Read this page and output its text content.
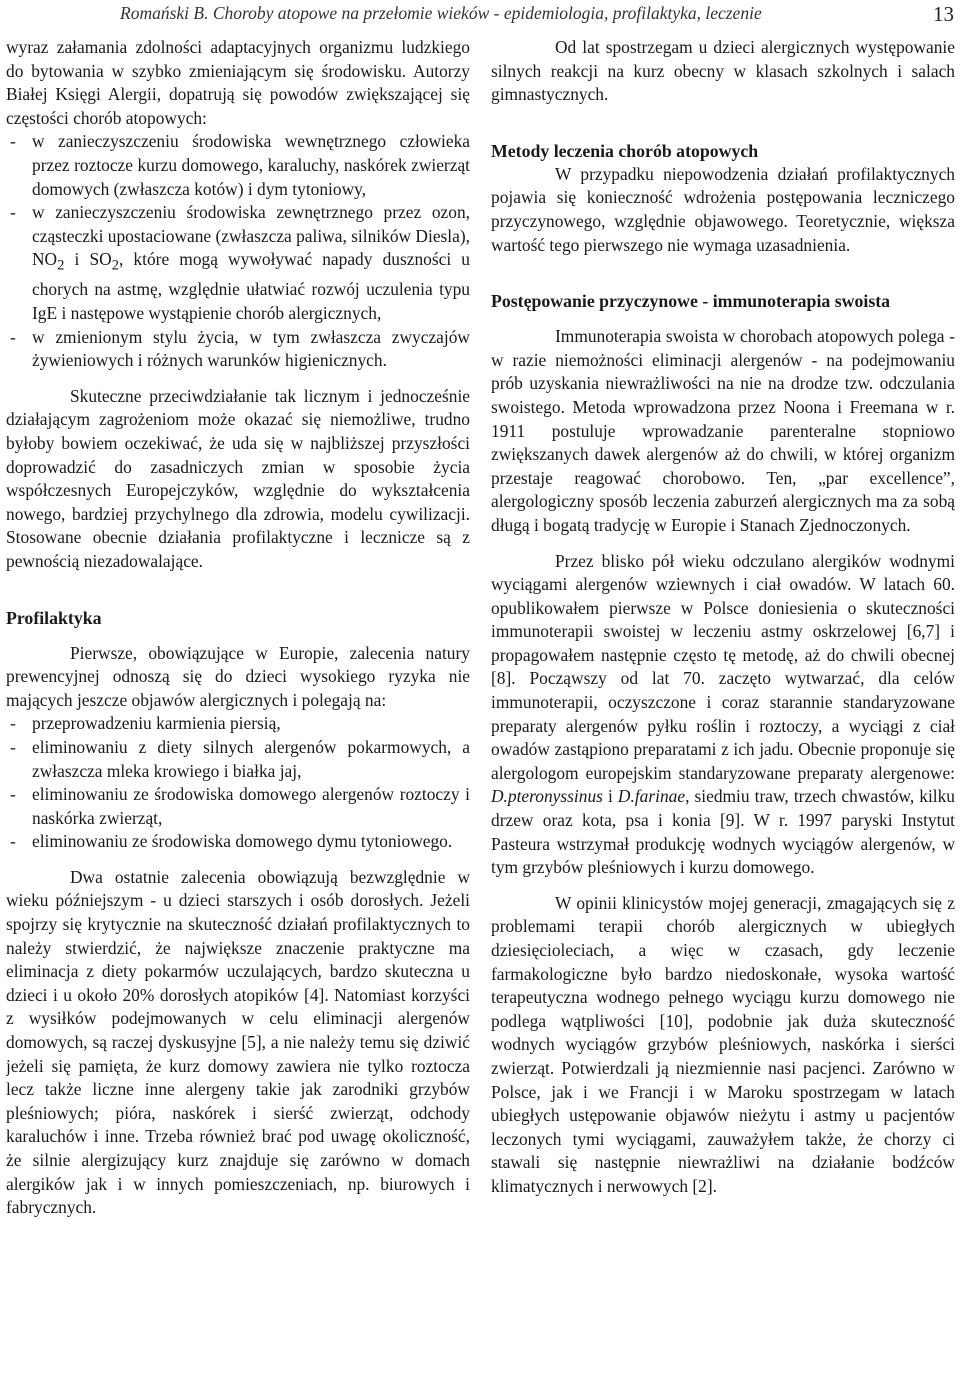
Romański B. Choroby atopowe na przełomie wieków - epidemiologia, profilaktyka, leczenie	13

wyraz załamania zdolności adaptacyjnych organizmu ludzkiego do bytowania w szybko zmieniającym się środowisku. Autorzy Białej Księgi Alergii, dopatrują się powodów zwiększającej się częstości chorób atopowych:

- w zanieczyszczeniu środowiska wewnętrznego człowieka przez roztocze kurzu domowego, karaluchy, naskórek zwierząt domowych (zwłaszcza kotów) i dym tytoniowy,
- w zanieczyszczeniu środowiska zewnętrznego przez ozon, cząsteczki upostaciowane (zwłaszcza paliwa, silników Diesla), $NO_2$ i $SO_2$, które mogą wywoływać napady duszności u chorych na astmę, względnie ułatwiać rozwój uczulenia typu IgE i następowe wystąpienie chorób alergicznych,
- w zmienionym stylu życia, w tym zwłaszcza zwyczajów żywieniowych i różnych warunków higienicznych.

Skuteczne przeciwdziałanie tak licznym i jednocześnie działającym zagrożeniom może okazać się niemożliwe, trudno byłoby bowiem oczekiwać, że uda się w najbliższej przyszłości doprowadzić do zasadniczych zmian w sposobie życia współczesnych Europejczyków, względnie do wykształcenia nowego, bardziej przychylnego dla zdrowia, modelu cywilizacji. Stosowane obecnie działania profilaktyczne i lecznicze są z pewnością niezadowalające.

Profilaktyka

Pierwsze, obowiązujące w Europie, zalecenia natury prewencyjnej odnoszą się do dzieci wysokiego ryzyka nie mających jeszcze objawów alergicznych i polegają na:

- przeprowadzeniu karmienia piersią,
- eliminowaniu z diety silnych alergenów pokarmowych, a zwłaszcza mleka krowiego i białka jaj,
- eliminowaniu ze środowiska domowego alergenów roztoczy i naskórka zwierząt,
- eliminowaniu ze środowiska domowego dymu tytoniowego.

Dwa ostatnie zalecenia obowiązują bezwzględnie w wieku późniejszym - u dzieci starszych i osób dorosłych. Jeżeli spojrzy się krytycznie na skuteczność działań profilaktycznych to należy stwierdzić, że największe znaczenie praktyczne ma eliminacja z diety pokarmów uczulających, bardzo skuteczna u dzieci i u około 20% dorosłych atopików [4]. Natomiast korzyści z wysiłków podejmowanych w celu eliminacji alergenów domowych, są raczej dyskusyjne [5], a nie należy temu się dziwić jeżeli się pamięta, że kurz domowy zawiera nie tylko roztocza lecz także liczne inne alergeny takie jak zarodniki grzybów pleśniowych; pióra, naskórek i sierść zwierząt, odchody karaluchów i inne. Trzeba również brać pod uwagę okoliczność, że silnie alergizujący kurz znajduje się zarówno w domach alergików jak i w innych pomieszczeniach, np. biurowych i fabrycznych.

Od lat spostrzegam u dzieci alergicznych występowanie silnych reakcji na kurz obecny w klasach szkolnych i salach gimnastycznych.

Metody leczenia chorób atopowych

W przypadku niepowodzenia działań profilaktycznych pojawia się konieczność wdrożenia postępowania leczniczego przyczynowego, względnie objawowego. Teoretycznie, większa wartość tego pierwszego nie wymaga uzasadnienia.

Postępowanie przyczynowe - immunoterapia swoista

Immunoterapia swoista w chorobach atopowych polega - w razie niemożności eliminacji alergenów - na podejmowaniu prób uzyskania niewrażliwości na nie na drodze tzw. odczulania swoistego. Metoda wprowadzona przez Noona i Freemana w r. 1911 postuluje wprowadzanie parenteralne stopniowo zwiększanych dawek alergenów aż do chwili, w której organizm przestaje reagować chorobowo. Ten, „par excellence”, alergologiczny sposób leczenia zaburzeń alergicznych ma za sobą długą i bogatą tradycję w Europie i Stanach Zjednoczonych.

Przez blisko pół wieku odczulano alergików wodnymi wyciągami alergenów wziewnych i ciał owadów. W latach 60. opublikowałem pierwsze w Polsce doniesienia o skuteczności immunoterapii swoistej w leczeniu astmy oskrzelowej [6,7] i propagowałem następnie często tę metodę, aż do chwili obecnej [8]. Począwszy od lat 70. zaczęto wytwarzać, dla celów immunoterapii, oczyszczone i coraz starannie standaryzowane preparaty alergenów pyłku roślin i roztoczy, a wyciągi z ciał owadów zastąpiono preparatami z ich jadu. Obecnie proponuje się alergologom europejskim standaryzowane preparaty alergenowe: D.pteronyssinus i D.farinae, siedmiu traw, trzech chwastów, kilku drzew oraz kota, psa i konia [9]. W r. 1997 paryski Instytut Pasteura wstrzymał produkcję wodnych wyciągów alergenów, w tym grzybów pleśniowych i kurzu domowego.

W opinii klinicystów mojej generacji, zmagających się z problemami terapii chorób alergicznych w ubiegłych dziesięcioleciach, a więc w czasach, gdy leczenie farmakologiczne było bardzo niedoskonałe, wysoka wartość terapeutyczna wodnego pełnego wyciągu kurzu domowego nie podlega wątpliwości [10], podobnie jak duża skuteczność wodnych wyciągów grzybów pleśniowych, naskórka i sierści zwierząt. Potwierdzali ją niezmiennie nasi pacjenci. Zarówno w Polsce, jak i we Francji i w Maroku spostrzegam w latach ubiegłych ustępowanie objawów nieżytu i astmy u pacjentów leczonych tymi wyciągami, zauważyłem także, że chorzy ci stawali się następnie niewrażliwi na działanie bodźców klimatycznych i nerwowych [2].
